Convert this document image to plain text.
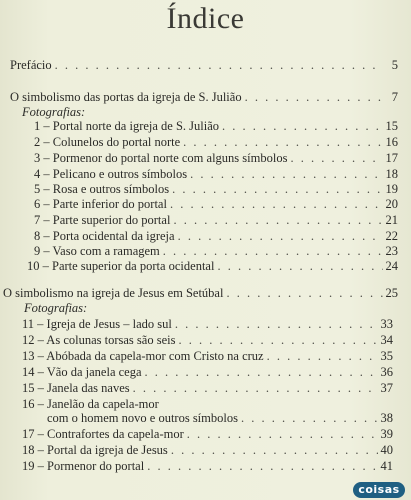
Índice
Prefácio . . .	5
O simbolismo das portas da igreja de S. Julião . . .	7
Fotografias:
1 – Portal norte da igreja de S. Julião . . .	15
2 – Colunelos do portal norte . . .	16
3 – Pormenor do portal norte com alguns símbolos . . .	17
4 – Pelicano e outros símbolos . . .	18
5 – Rosa e outros símbolos . . .	19
6 – Parte inferior do portal . . .	20
7 – Parte superior do portal . . .	21
8 – Porta ocidental da igreja . . .	22
9 – Vaso com a ramagem . . .	23
10 – Parte superior da porta ocidental . . .	24
O simbolismo na igreja de Jesus em Setúbal . . .	25
Fotografias:
11 – Igreja de Jesus – lado sul . . .	33
12 – As colunas torsas são seis . . .	34
13 – Abóbada da capela-mor com Cristo na cruz . . .	35
14 – Vão da janela cega . . .	36
15 – Janela das naves . . .	37
16 – Janelão da capela-mor
com o homem novo e outros símbolos . . .	38
17 – Contrafortes da capela-mor . . .	39
18 – Portal da igreja de Jesus . . .	40
19 – Pormenor do portal . . .	41
coisas
